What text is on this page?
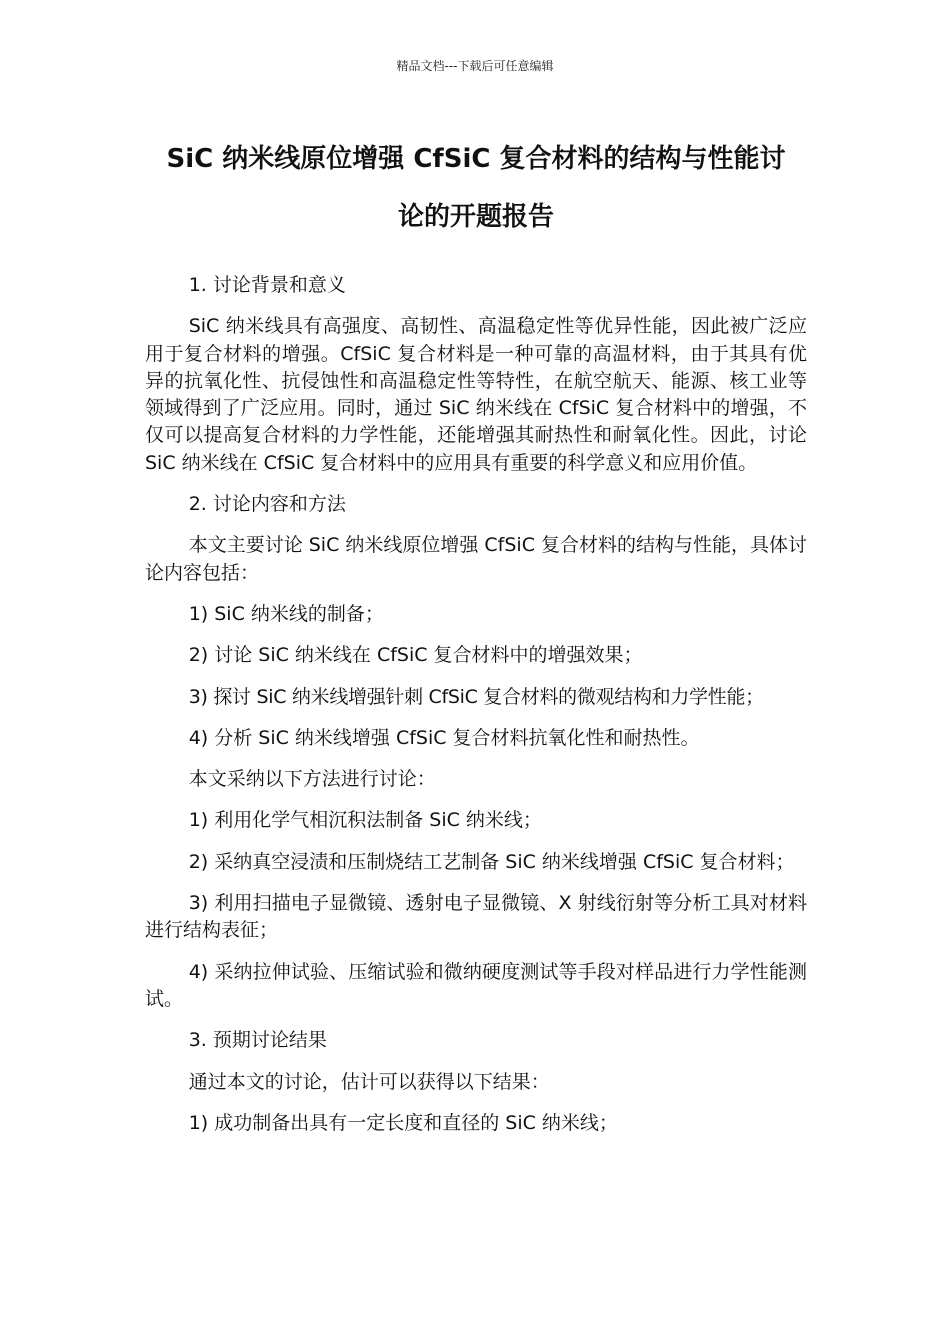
精品文档---下载后可任意编辑
SiC 纳米线原位增强 CfSiC 复合材料的结构与性能讨
论的开题报告

1. 讨论背景和意义

SiC 纳米线具有高强度、高韧性、高温稳定性等优异性能，因此被广泛应用于复合材料的增强。CfSiC 复合材料是一种可靠的高温材料，由于其具有优异的抗氧化性、抗侵蚀性和高温稳定性等特性，在航空航天、能源、核工业等领域得到了广泛应用。同时，通过 SiC 纳米线在 CfSiC 复合材料中的增强，不仅可以提高复合材料的力学性能，还能增强其耐热性和耐氧化性。因此，讨论 SiC 纳米线在 CfSiC 复合材料中的应用具有重要的科学意义和应用价值。

2. 讨论内容和方法

本文主要讨论 SiC 纳米线原位增强 CfSiC 复合材料的结构与性能，具体讨论内容包括：

1) SiC 纳米线的制备；

2) 讨论 SiC 纳米线在 CfSiC 复合材料中的增强效果；

3) 探讨 SiC 纳米线增强针刺 CfSiC 复合材料的微观结构和力学性能；

4) 分析 SiC 纳米线增强 CfSiC 复合材料抗氧化性和耐热性。

本文采纳以下方法进行讨论：

1) 利用化学气相沉积法制备 SiC 纳米线；

2) 采纳真空浸渍和压制烧结工艺制备 SiC 纳米线增强 CfSiC 复合材料；

3) 利用扫描电子显微镜、透射电子显微镜、X 射线衍射等分析工具对材料进行结构表征；

4) 采纳拉伸试验、压缩试验和微纳硬度测试等手段对样品进行力学性能测试。

3. 预期讨论结果

通过本文的讨论，估计可以获得以下结果：

1) 成功制备出具有一定长度和直径的 SiC 纳米线；
